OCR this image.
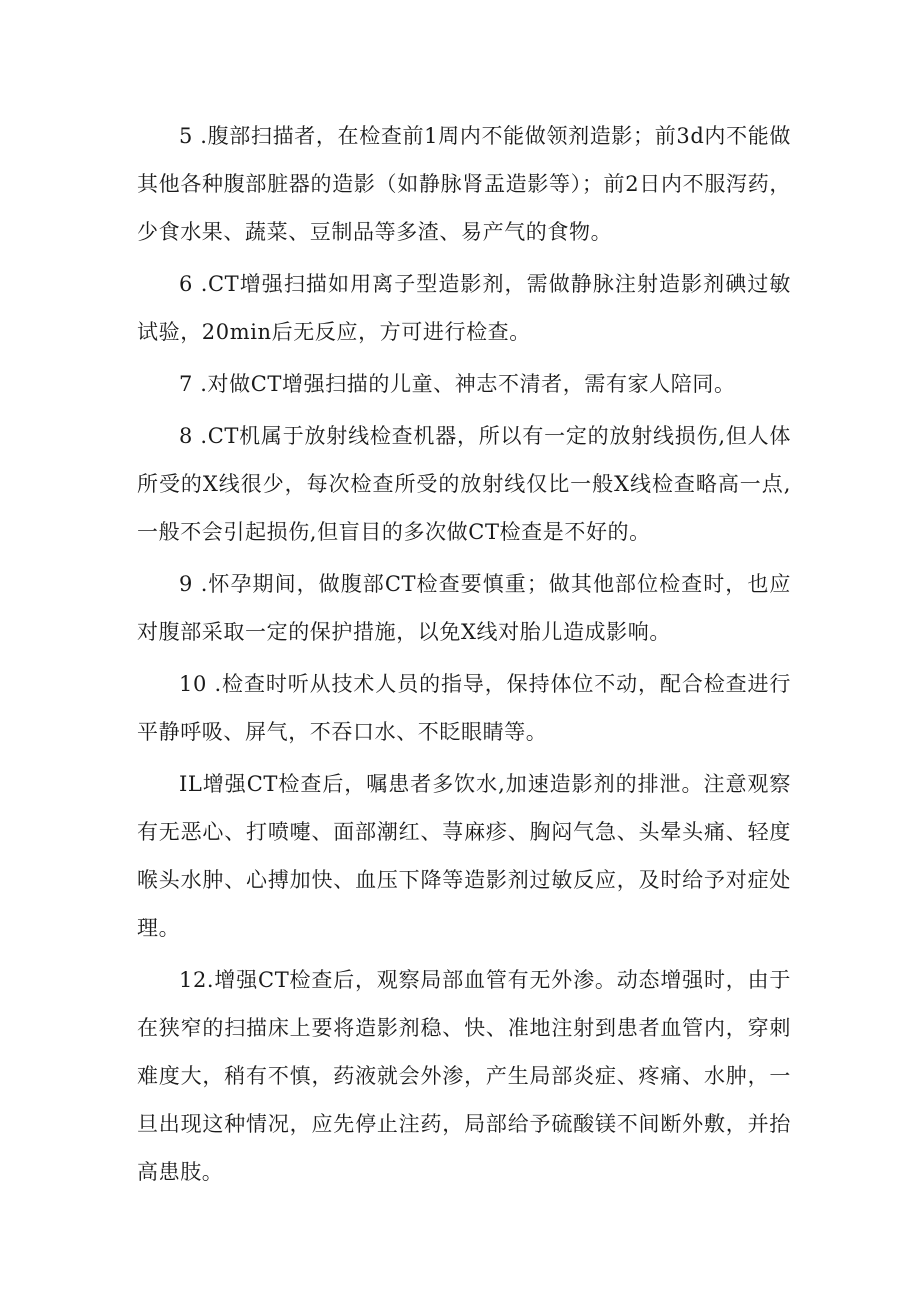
5 .腹部扫描者，在检查前1周内不能做领剂造影；前3d内不能做其他各种腹部脏器的造影（如静脉肾盂造影等）；前2日内不服泻药，少食水果、蔬菜、豆制品等多渣、易产气的食物。

6 .CT增强扫描如用离子型造影剂，需做静脉注射造影剂碘过敏试验，20min后无反应，方可进行检查。

7 .对做CT增强扫描的儿童、神志不清者，需有家人陪同。

8 .CT机属于放射线检查机器，所以有一定的放射线损伤,但人体所受的X线很少，每次检查所受的放射线仅比一般X线检查略高一点,一般不会引起损伤,但盲目的多次做CT检查是不好的。

9 .怀孕期间，做腹部CT检查要慎重；做其他部位检查时，也应对腹部采取一定的保护措施，以免X线对胎儿造成影响。

10 .检查时听从技术人员的指导，保持体位不动，配合检查进行平静呼吸、屏气，不吞口水、不眨眼睛等。

IL增强CT检查后，嘱患者多饮水,加速造影剂的排泄。注意观察有无恶心、打喷嚏、面部潮红、荨麻疹、胸闷气急、头晕头痛、轻度喉头水肿、心搏加快、血压下降等造影剂过敏反应，及时给予对症处理。

12.增强CT检查后，观察局部血管有无外渗。动态增强时，由于在狭窄的扫描床上要将造影剂稳、快、准地注射到患者血管内，穿刺难度大，稍有不慎，药液就会外渗，产生局部炎症、疼痛、水肿，一旦出现这种情况，应先停止注药，局部给予硫酸镁不间断外敷，并抬高患肢。
